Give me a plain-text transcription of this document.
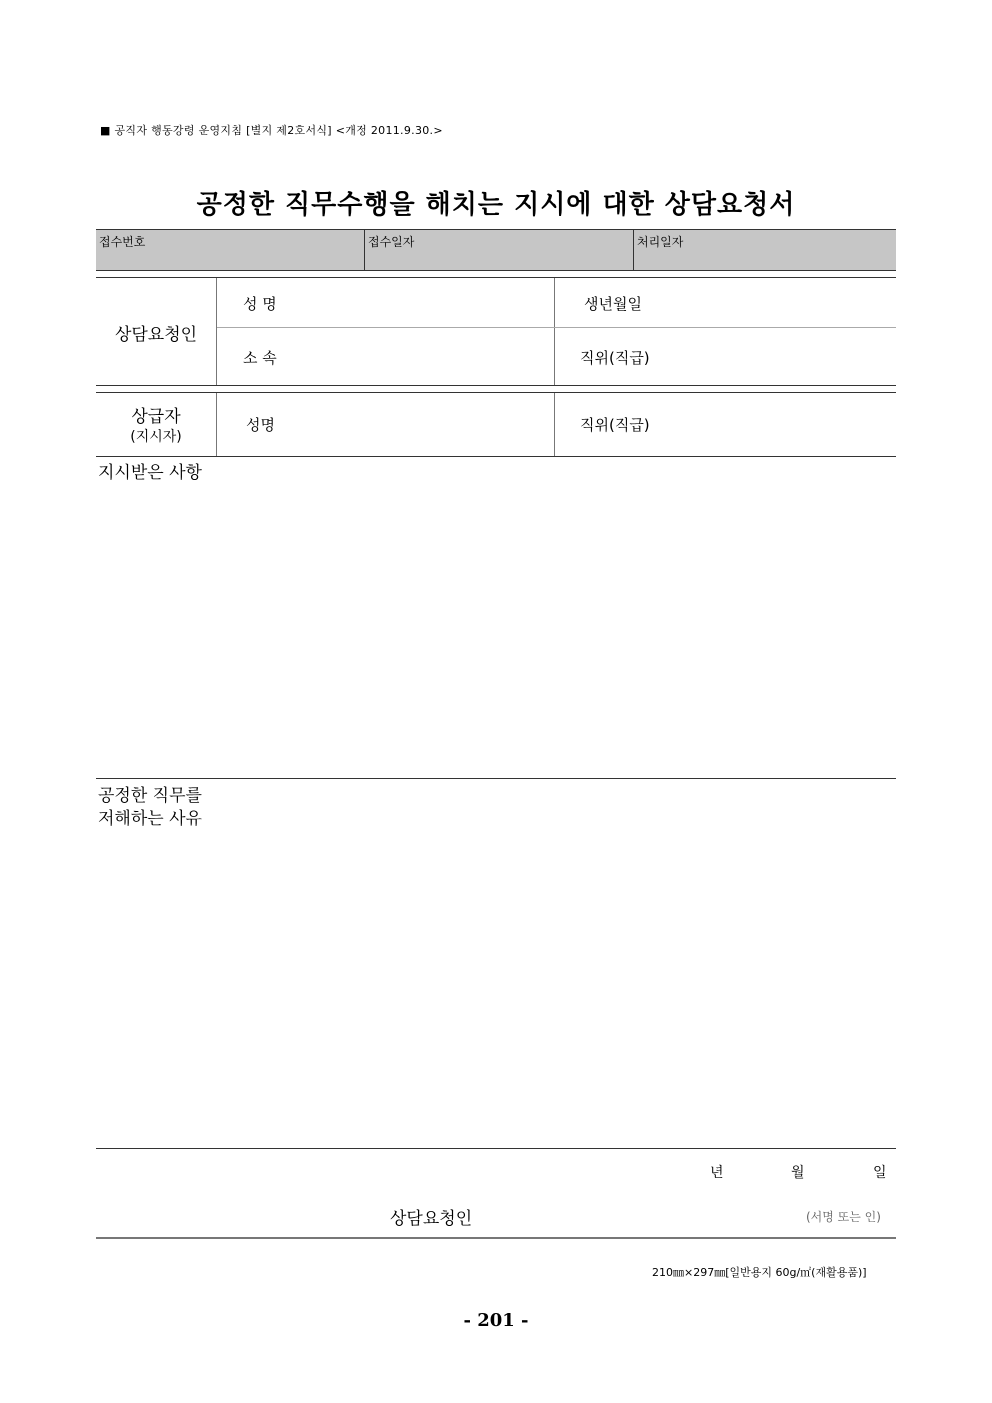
■ 공직자 행동강령 운영지침 [별지 제2호서식] <개정 2011.9.30.>
공정한 직무수행을 해치는 지시에 대한 상담요청서
접수번호	접수일자	처리일자
상담요청인
성 명	생년월일
소 속	직위(직급)
상급자
(지시자)
성명	직위(직급)
지시받은 사항
공정한 직무를
저해하는 사유
년	월	일
상담요청인	(서명 또는 인)
210㎜×297㎜[일반용지 60g/㎡(재활용품)]
- 201 -
